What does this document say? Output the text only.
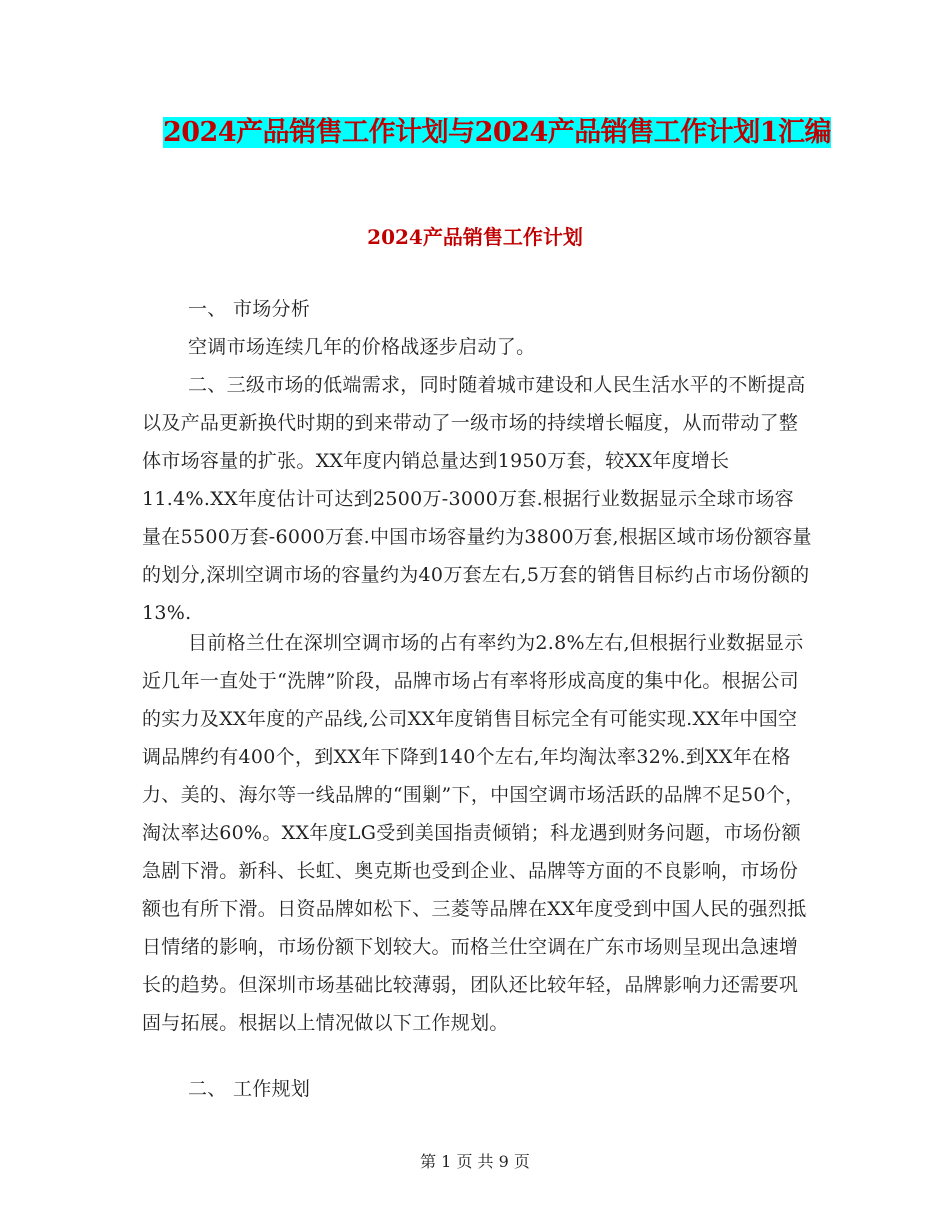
2024产品销售工作计划与2024产品销售工作计划1汇编
2024产品销售工作计划

一、 市场分析

空调市场连续几年的价格战逐步启动了。

二、三级市场的低端需求，同时随着城市建设和人民生活水平的不断提高以及产品更新换代时期的到来带动了一级市场的持续增长幅度，从而带动了整体市场容量的扩张。XX年度内销总量达到1950万套，较XX年度增长11.4%.XX年度估计可达到2500万-3000万套.根据行业数据显示全球市场容量在5500万套-6000万套.中国市场容量约为3800万套,根据区域市场份额容量的划分,深圳空调市场的容量约为40万套左右,5万套的销售目标约占市场份额的13%.

目前格兰仕在深圳空调市场的占有率约为2.8%左右,但根据行业数据显示近几年一直处于“洗牌”阶段，品牌市场占有率将形成高度的集中化。根据公司的实力及XX年度的产品线,公司XX年度销售目标完全有可能实现.XX年中国空调品牌约有400个，到XX年下降到140个左右,年均淘汰率32%.到XX年在格力、美的、海尔等一线品牌的“围剿”下，中国空调市场活跃的品牌不足50个，淘汰率达60%。XX年度LG受到美国指责倾销；科龙遇到财务问题，市场份额急剧下滑。新科、长虹、奥克斯也受到企业、品牌等方面的不良影响，市场份额也有所下滑。日资品牌如松下、三菱等品牌在XX年度受到中国人民的强烈抵日情绪的影响，市场份额下划较大。而格兰仕空调在广东市场则呈现出急速增长的趋势。但深圳市场基础比较薄弱，团队还比较年轻，品牌影响力还需要巩固与拓展。根据以上情况做以下工作规划。

二、 工作规划

第 1 页 共 9 页
